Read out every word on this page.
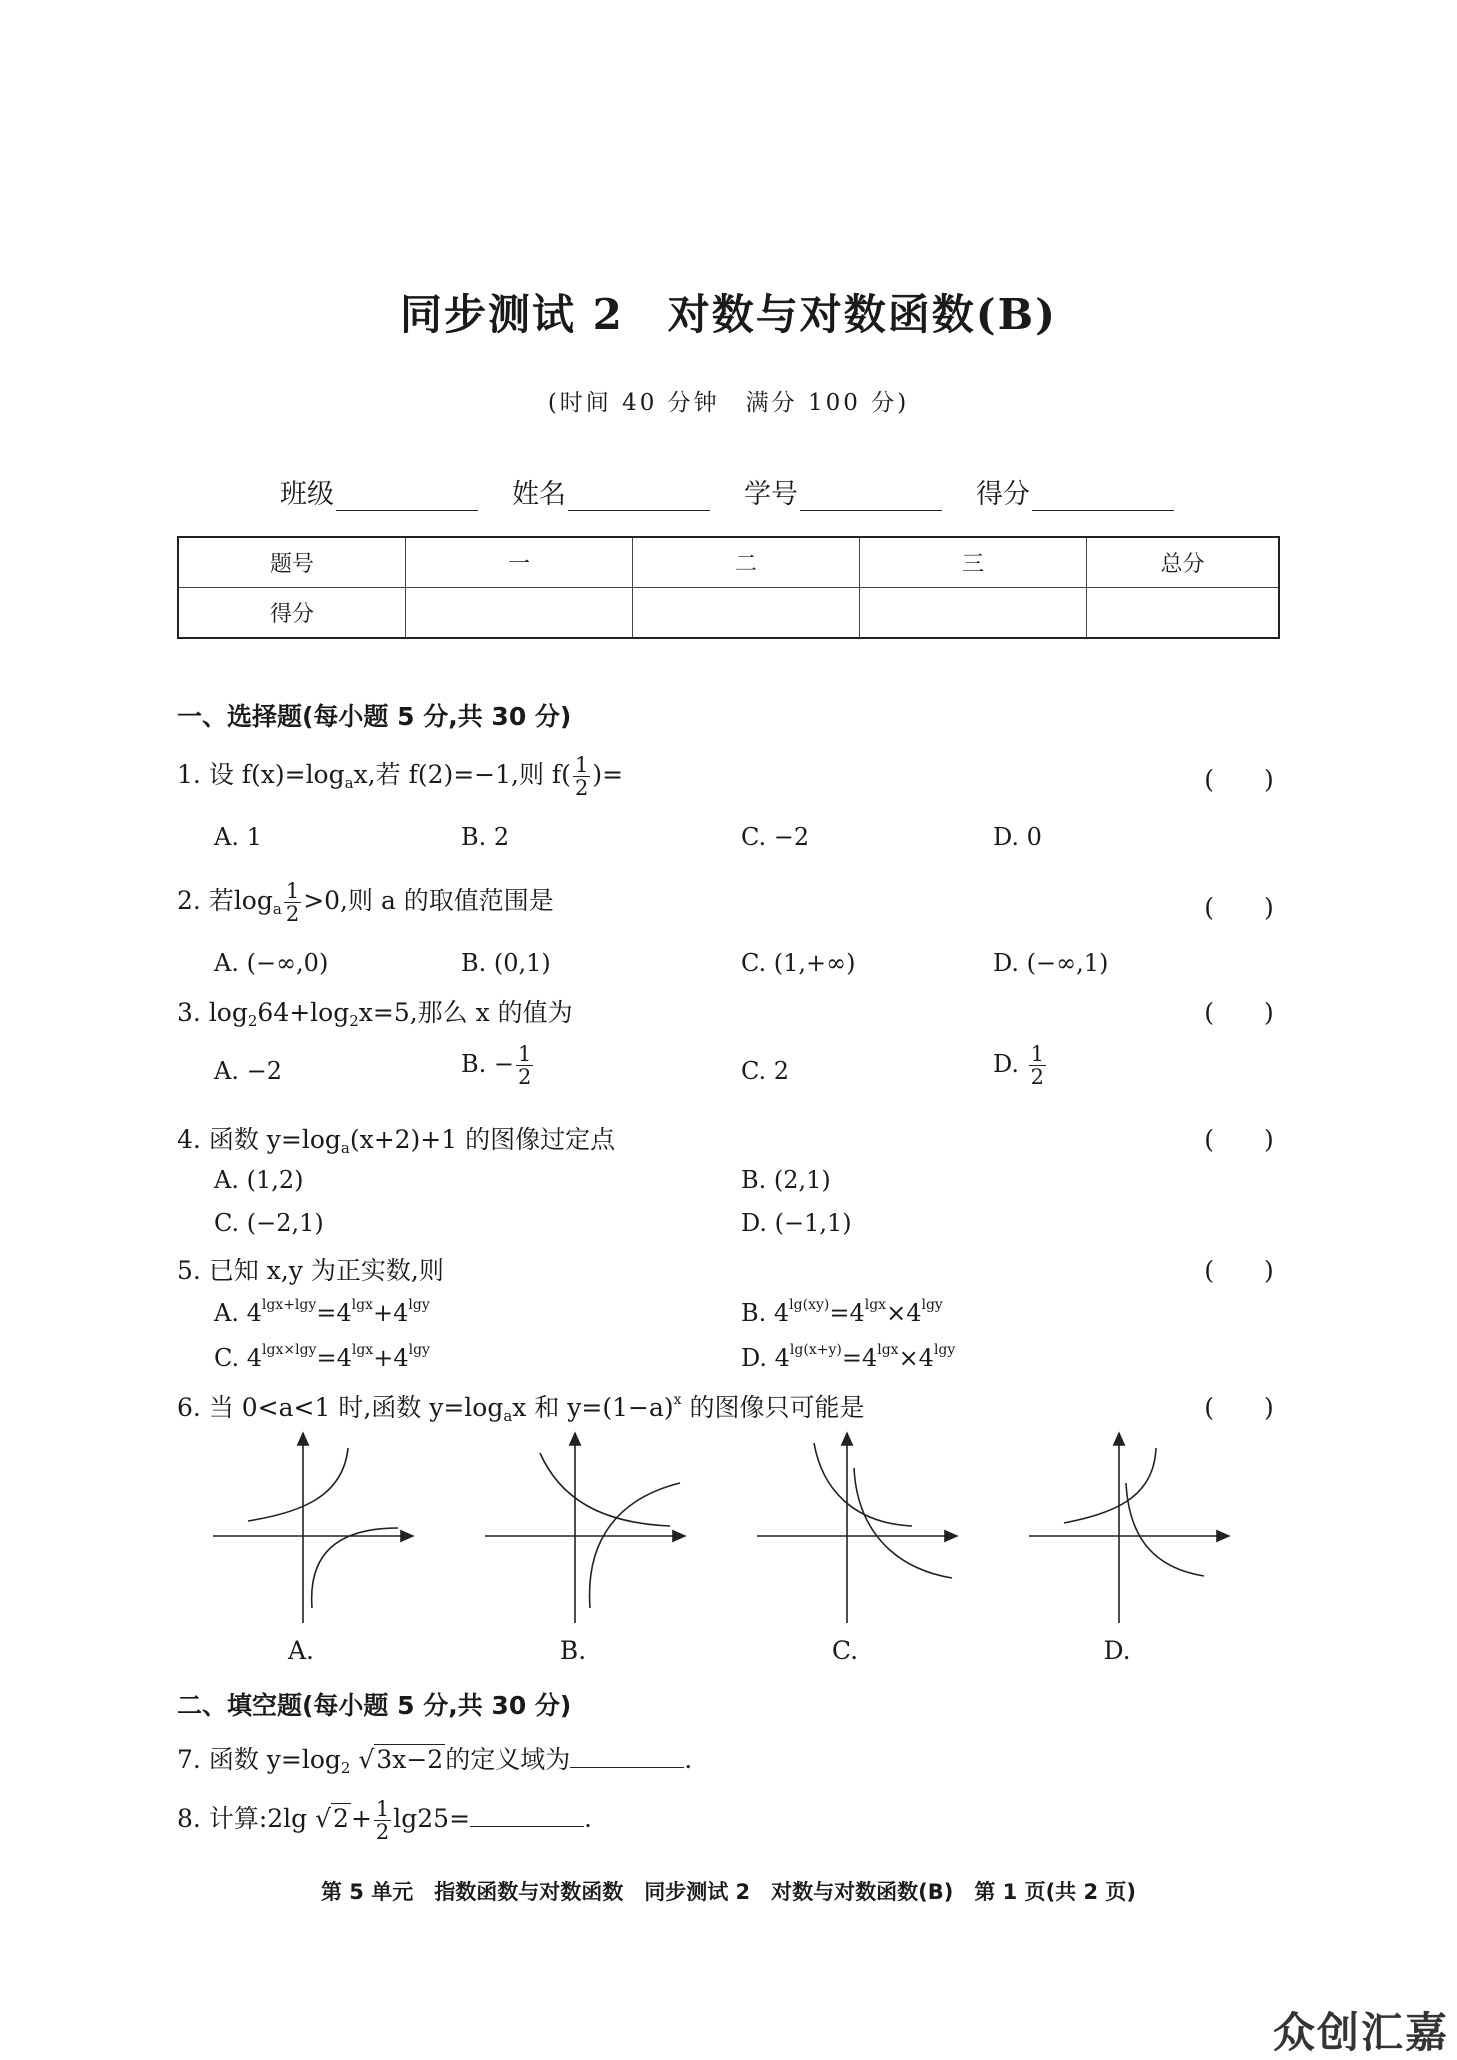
同步测试 2　对数与对数函数(B)
(时间 40 分钟　满分 100 分)
班级	姓名	学号	得分
题号	一	二	三	总分
得分				
一、选择题(每小题 5 分,共 30 分)
1. 设 $f(x)=\log_ax$,若 f(2)=−1,则 $f( \frac{1}{2}$ )=	(　　)
A. 1	B. 2	C. −2	D. 0
2. 若$\log_a \frac{1}{2} >0$,则 a 的取值范围是	(　　)
A. (−∞,0)	B. (0,1)	C. (1,+∞)	D. (−∞,1)
3. $\log_264+\log_2x=5$,那么 x 的值为	(　　)
A. −2	B. − $\frac{1}{2}$	C. 2	D. $\frac{1}{2}$
4. 函数 $y=\log_a(x+2)+1$ 的图像过定点	(　　)
A. (1,2)	B. (2,1)
C. (−2,1)	D. (−1,1)
5. 已知 x,y 为正实数,则	(　　)
A. $4^{lgx+lgy}=4^{lgx}+4^{lgy}$	B. $4^{lg(xy)}=4^{lgx}\times 4^{lgy}$
C. $4^{lgx\times lgy}=4^{lgx}+4^{lgy}$	D. $4^{lg(x+y)}=4^{lgx}\times 4^{lgy}$
6. 当 0<a<1 时,函数 $y=\log_ax$ 和 $y=(1-a)^x$ 的图像只可能是	(　　)
A.	B.	C.	D.
二、填空题(每小题 5 分,共 30 分)
7. 函数 $y=\log_2$ √3x−2的定义域为	.
8. 计算:2lg $√2+ \frac{1}{2} \lg 25=$	.
第 5 单元　指数函数与对数函数　同步测试 2　对数与对数函数(B)　第 1 页(共 2 页)
众创汇嘉
